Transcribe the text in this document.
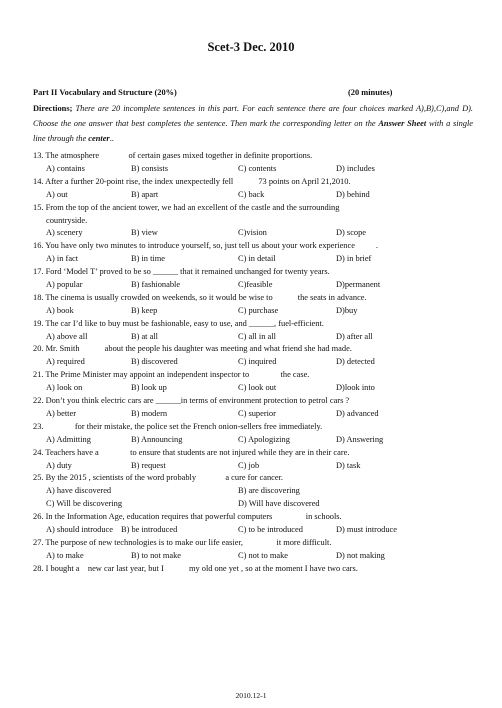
Scet-3 Dec. 2010
Part II Vocabulary and Structure (20%)	(20 minutes)
Directions; There are 20 incomplete sentences in this part. For each sentence there are four choices marked A),B),C),and D). Choose the one answer that best completes the sentence. Then mark the corresponding letter on the Answer Sheet with a single line through the center..
13. The atmosphere              of certain gases mixed together in definite proportions.
A) contains	B) consists	C) contents	D) includes
14. After a further 20-point rise, the index unexpectedly fell            73 points on April 21,2010.
A) out	B) apart	C) back	D) behind
15. From the top of the ancient tower, we had an excellent of the castle and the surrounding
countryside.
A) scenery	B) view	C)vision	D) scope
16. You have only two minutes to introduce yourself, so, just tell us about your work experience          .
A) in fact	B) in time	C) in detail	D) in brief
17. Ford ‘Model T’ proved to be so ______ that it remained unchanged for twenty years.
A) popular	B) fashionable	C)feasible	D)permanent
18. The cinema is usually crowded on weekends, so it would be wise to            the seats in advance.
A) book	B) keep	C) purchase	D)buy
19. The car I’d like to buy must be fashionable, easy to use, and ______, fuel-efficient.
A) above all	B) at all	C) all in all	D) after all
20. Mr. Smith            about the people his daughter was meeting and what friend she had made.
A) required	B) discovered	C) inquired	D) detected
21. The Prime Minister may appoint an independent inspector to               the case.
A) look on	B) look up	C) look out	D)look into
22. Don’t you think electric cars are ______in terms of environment protection to petrol cars ?
A) better	B) modern	C) superior	D) advanced
23.               for their mistake, the police set the French onion-sellers free immediately.
A) Admitting	B) Announcing	C) Apologizing	D) Answering
24. Teachers have a               to ensure that students are not injured while they are in their care.
A) duty	B) request	C) job	D) task
25. By the 2015 , scientists of the word probably              a cure for cancer.
A) have discovered	B) are discovering
C) Will be discovering	D) Will have discovered
26. In the Information Age, education requires that powerful computers                in schools.
A) should introduce B) be introduced	C) to be introduced	D) must introduce
27. The purpose of new technologies is to make our life easier,                it more difficult.
A) to make	B) to not make	C) not to make	D) not making
28. I bought a    new car last year, but I            my old one yet , so at the moment I have two cars.
2010.12-1
